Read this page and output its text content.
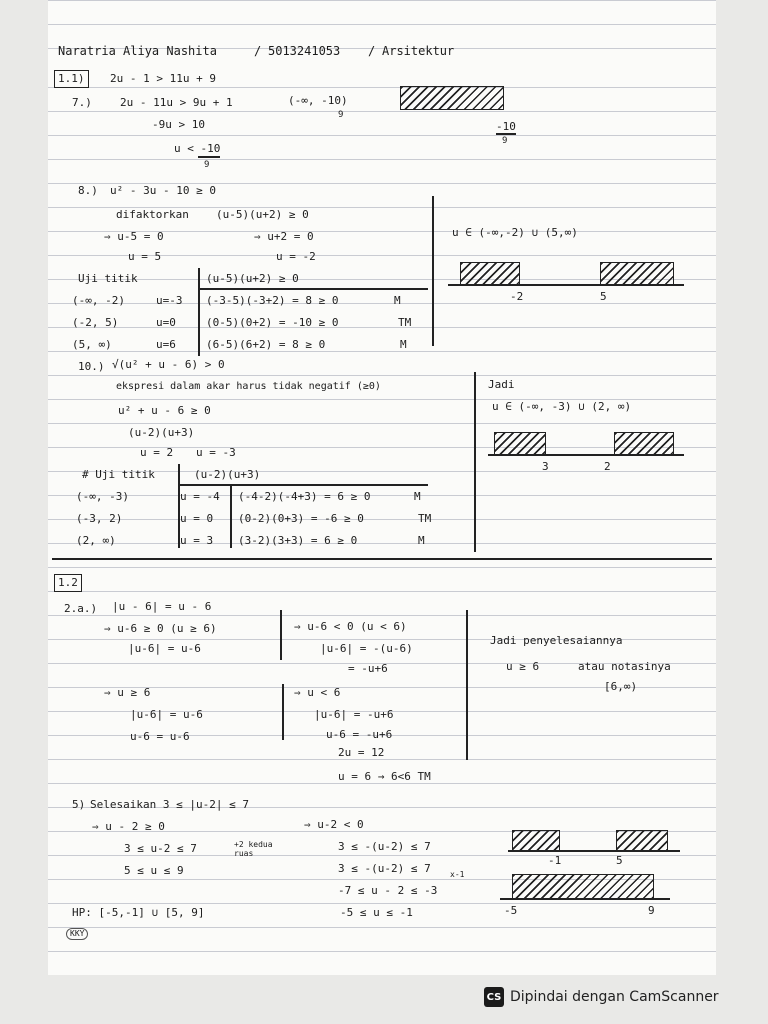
Naratria Aliya Nashita	/ 5013241053 / Arsitektur
1.1)	2u - 1 > 11u + 9
7.)	2u - 11u > 9u + 1	(-∞, -10)
9
-10
9
-9u > 10
u < -10
9
8.) u² - 3u - 10 ≥ 0
difaktorkan (u-5)(u+2) ≥ 0
⇒ u-5 = 0	⇒ u+2 = 0
u = 5	u = -2
Uji titik	(u-5)(u+2) ≥ 0
(-∞, -2)	u=-3 (-3-5)(-3+2) = 8 ≥ 0	M
(-2, 5)	u=0	(0-5)(0+2) = -10 ≥ 0	TM
(5, ∞)	u=6	(6-5)(6+2) = 8 ≥ 0	M
u ∈ (-∞,-2) ∪ (5,∞)
-2	5
10.) √(u² + u - 6) > 0
ekspresi dalam akar harus tidak negatif (≥0)
u² + u - 6 ≥ 0
(u-2)(u+3)
u = 2 u = -3
# Uji titik	(u-2)(u+3)
(-∞, -3)	u = -4 (-4-2)(-4+3) = 6 ≥ 0	M
(-3, 2)	u = 0 (0-2)(0+3) = -6 ≥ 0	TM
(2, ∞)	u = 3 (3-2)(3+3) = 6 ≥ 0	M
Jadi
u ∈ (-∞, -3) ∪ (2, ∞)
3	2
1.2
2.a.) |u - 6| = u - 6
⇒ u-6 ≥ 0 (u ≥ 6)
|u-6| = u-6
⇒ u-6 < 0 (u < 6)
|u-6| = -(u-6)
= -u+6
Jadi penyelesaiannya
u ≥ 6	atau notasinya
[6,∞)
⇒ u ≥ 6
|u-6| = u-6
u-6 = u-6
⇒ u < 6
|u-6| = -u+6
u-6 = -u+6
2u = 12
u = 6 → 6<6 TM
5) Selesaikan 3 ≤ |u-2| ≤ 7
⇒ u - 2 ≥ 0
3 ≤ u-2 ≤ 7	+2 kedua ruas
5 ≤ u ≤ 9
⇒ u-2 < 0
3 ≤ -(u-2) ≤ 7
3 ≤ -(u-2) ≤ 7 x-1
-7 ≤ u - 2 ≤ -3
-5 ≤ u ≤ -1
-1	5
-5	9
HP: [-5,-1] ∪ [5, 9]
KKY
CS Dipindai dengan CamScanner
